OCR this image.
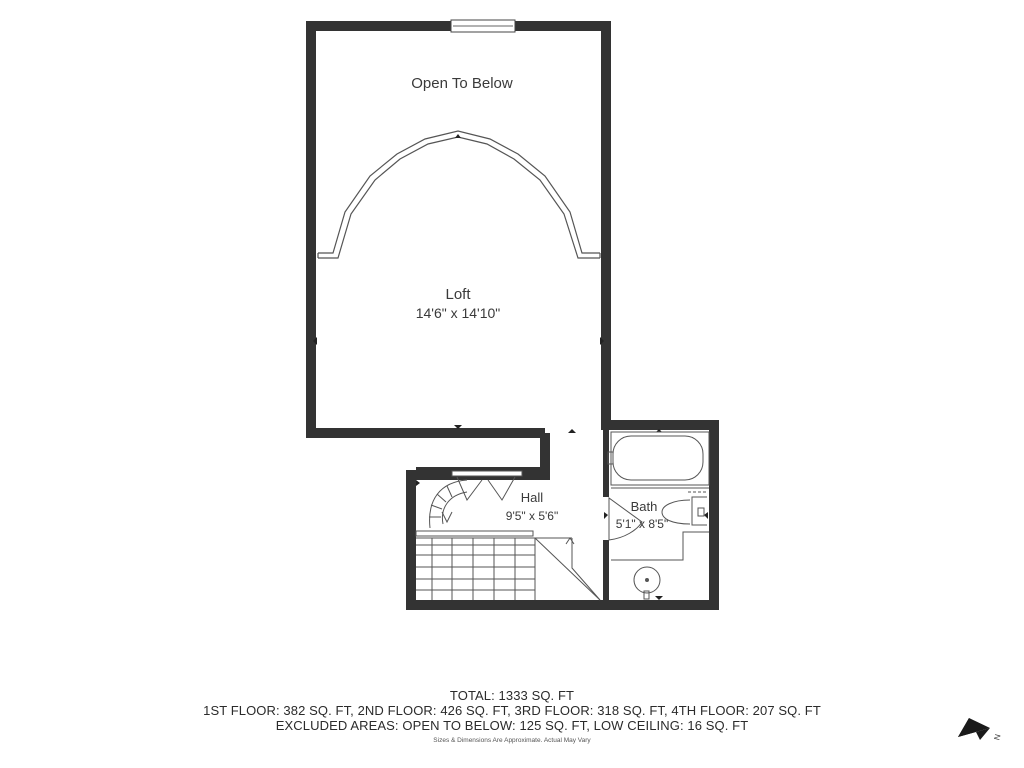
Open To Below
Loft
14'6" x 14'10"
Hall
9'5" x 5'6"
Bath
5'1" x 8'5"
N
TOTAL: 1333 SQ. FT
1ST FLOOR: 382 SQ. FT, 2ND FLOOR: 426 SQ. FT, 3RD FLOOR: 318 SQ. FT, 4TH FLOOR: 207 SQ. FT
EXCLUDED AREAS: OPEN TO BELOW: 125 SQ. FT, LOW CEILING: 16 SQ. FT
Sizes & Dimensions Are Approximate. Actual May Vary
